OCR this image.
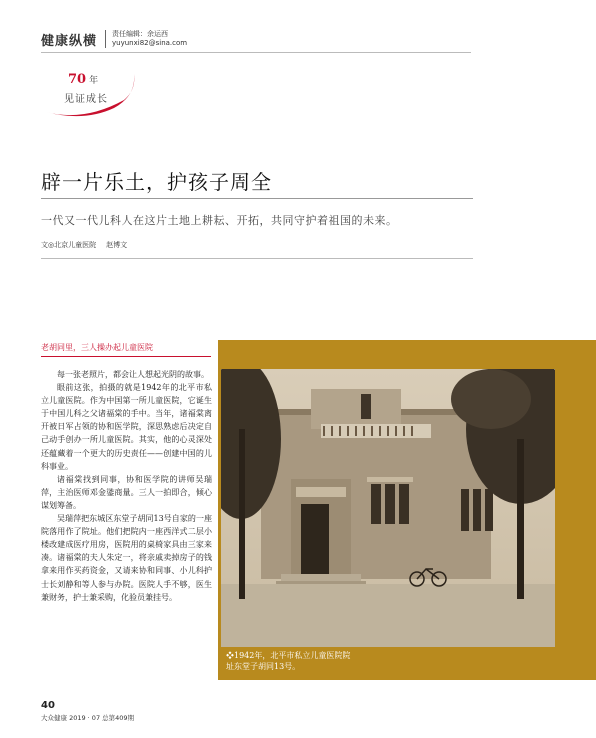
健康纵横 责任编辑：余运西
yuyunxi82@sina.com
70 年
见证成长
辟一片乐土，护孩子周全
一代又一代儿科人在这片土地上耕耘、开拓，共同守护着祖国的未来。
文◎北京儿童医院 赵博文
老胡同里，三人操办起儿童医院

每一张老照片，都会让人想起光阴的故事。

眼前这张，拍摄的就是1942年的北平市私立儿童医院。作为中国第一所儿童医院，它诞生于中国儿科之父诸福棠的手中。当年，诸福棠离开被日军占领的协和医学院，深思熟虑后决定自己动手创办一所儿童医院。其实，他的心灵深处还蕴藏着一个更大的历史责任——创建中国的儿科事业。

诸福棠找到同事，协和医学院的讲师吴瑞萍，主治医师邓金鍌商量。三人一拍即合，倾心谋划筹备。

吴瑞萍把东城区东堂子胡同13号自家的一座院落用作了院址。他们把院内一座西洋式二层小楼改建成医疗用房，医院用的桌椅家具由三家来凑。诸福棠的夫人朱定一，将亲戚卖掉房子的钱拿来用作买药资金，又请来协和同事、小儿科护士长刘静和等人参与办院。医院人手不够，医生兼财务，护士兼采购，化验员兼挂号。

❖1942年，北平市私立儿童医院院
址东堂子胡同13号。
40
大众健康 2019 · 07 总第409期
